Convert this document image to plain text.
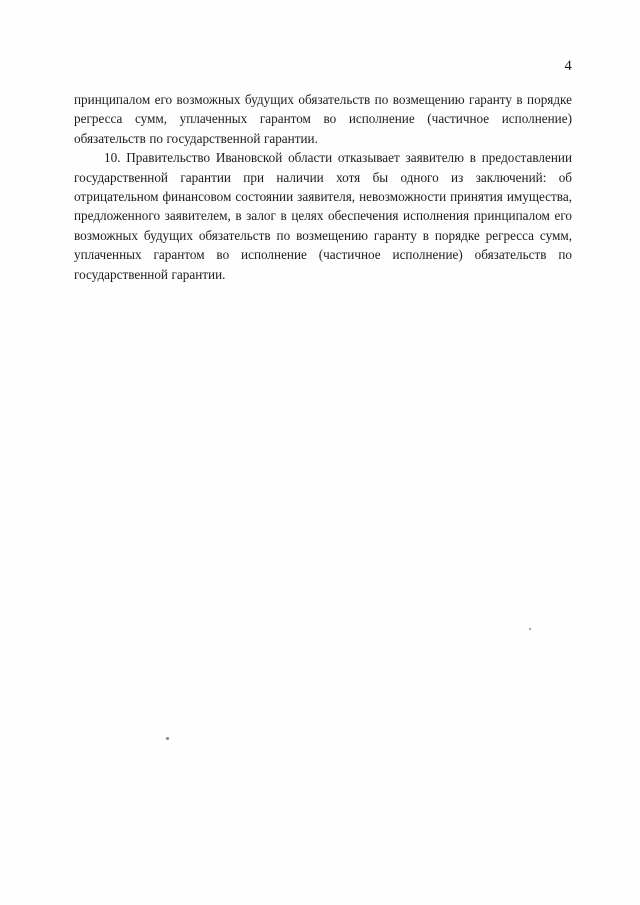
4

принципалом его возможных будущих обязательств по возмещению гаранту в порядке регресса сумм, уплаченных гарантом во исполнение (частичное исполнение) обязательств по государственной гарантии.

10. Правительство Ивановской области отказывает заявителю в предоставлении государственной гарантии при наличии хотя бы одного из заключений: об отрицательном финансовом состоянии заявителя, невозможности принятия имущества, предложенного заявителем, в залог в целях обеспечения исполнения принципалом его возможных будущих обязательств по возмещению гаранту в порядке регресса сумм, уплаченных гарантом во исполнение (частичное исполнение) обязательств по государственной гарантии.
